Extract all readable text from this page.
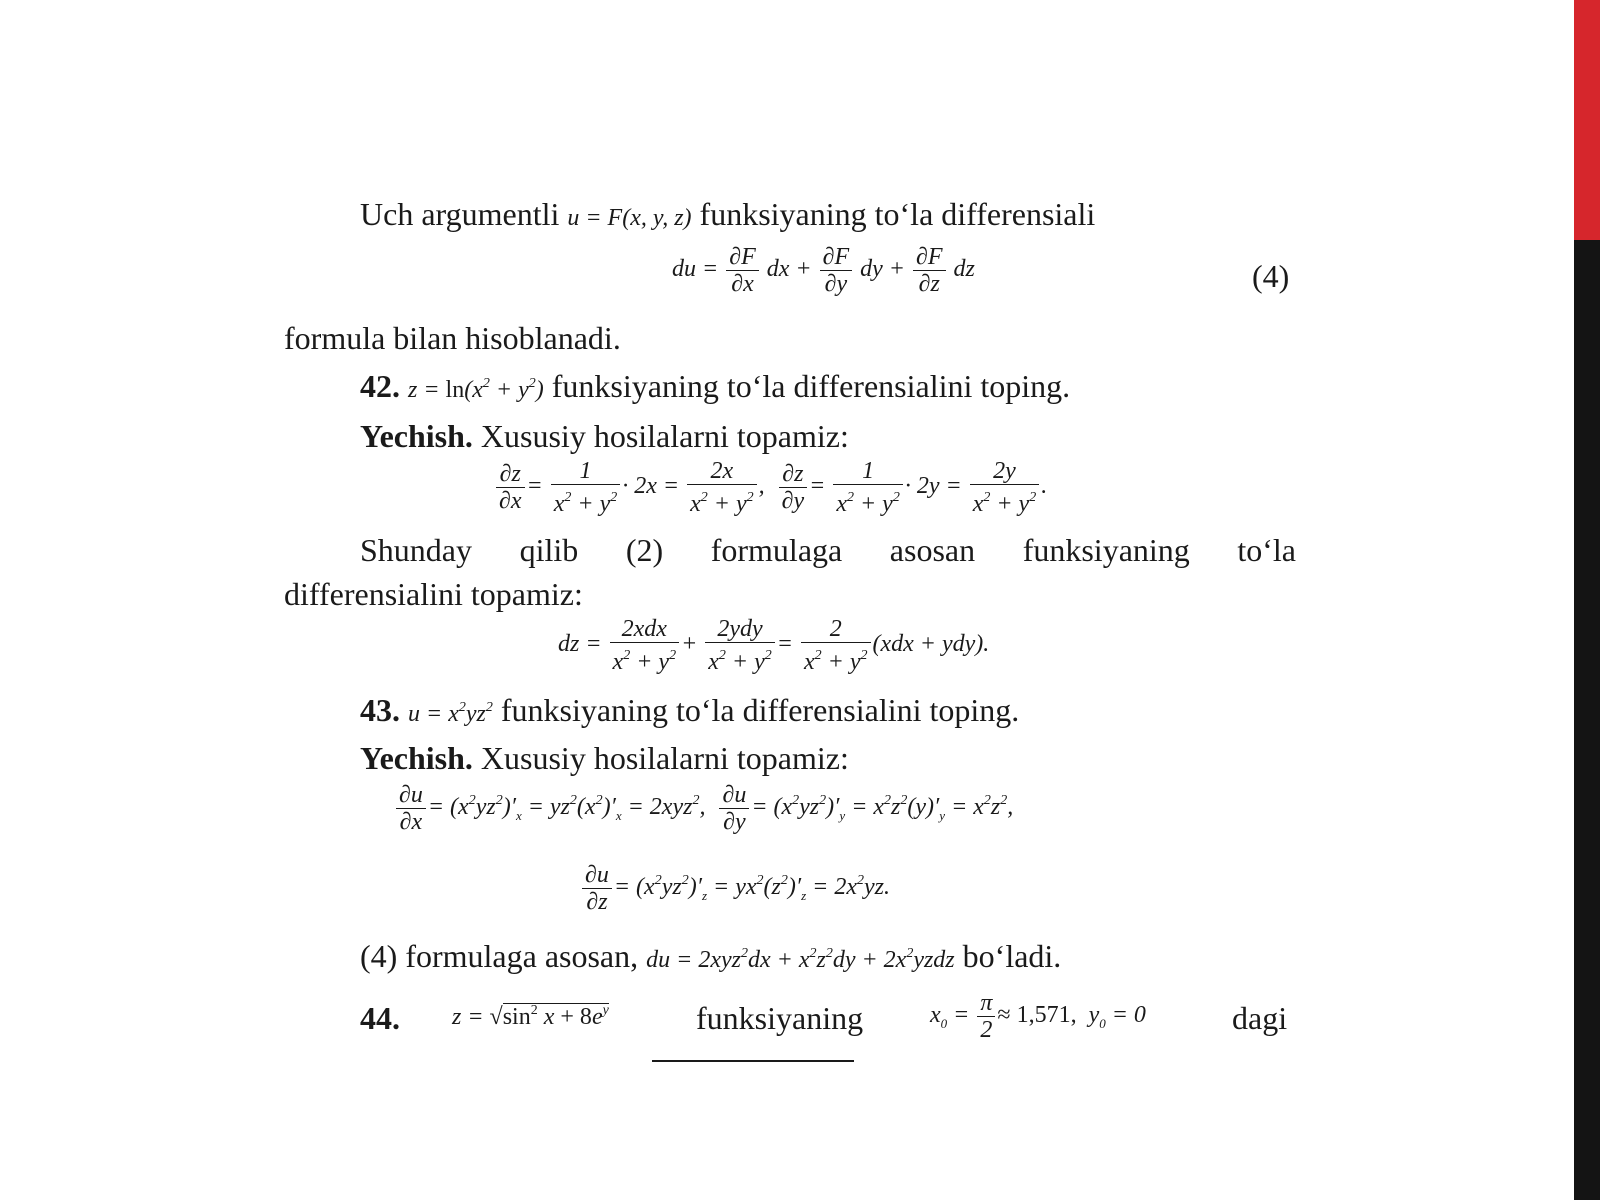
Uch argumentli u = F(x, y, z) funksiyaning to‘la differensiali
du = $\frac{\partial F}{\partial x}$ dx + $\frac{\partial F}{\partial y}$ dy + $\frac{\partial F}{\partial z}$ dz	(4)
formula bilan hisoblanadi.
42. $z = \ln(x^2 + y^2)$ funksiyaning to‘la differensialini toping.
Yechish. Xususiy hosilalarni topamiz:
$\frac{\partial z}{\partial x} = \frac{1}{x^2 + y^2} \cdot 2x = \frac{2x}{x^2 + y^2}$ , $\frac{\partial z}{\partial y} = \frac{1}{x^2 + y^2} \cdot 2y = \frac{2y}{x^2 + y^2}$ .
Shunday qilib (2) formulaga asosan funksiyaning to‘la
differensialini topamiz:
dz = $\frac{\text{2xdx}}{x^2 + y^2} + \frac{\text{2ydy}}{x^2 + y^2} = \frac{2}{x^2 + y^2} (xdx + ydy)$.
43. $u = x^2yz^2$ funksiyaning to‘la differensialini toping.
Yechish. Xususiy hosilalarni topamiz:
$\frac{\partial u}{\partial x} = (x^2yz^2)'_x = yz^2(x^2)'_x = 2xyz^2$, $\frac{\partial u}{\partial y} = (x^2yz^2)'_y = x^2z^2(y)'_y = x^2z^2$,
$\frac{\partial u}{\partial z} = (x^2yz^2)'_z = yx^2(z^2)'_z = 2x^2yz$.
(4) formulaga asosan, du = $2xyz^2dx + x^2z^2dy$ + $2x^2yzdz$ bo‘ladi.
44. $z = √\sin^2$ $x + 8e^y$	funksiyaning	$x_0 = \frac{\pi}{2} \approx 1,571$,  $y_0 = 0$	dagi
